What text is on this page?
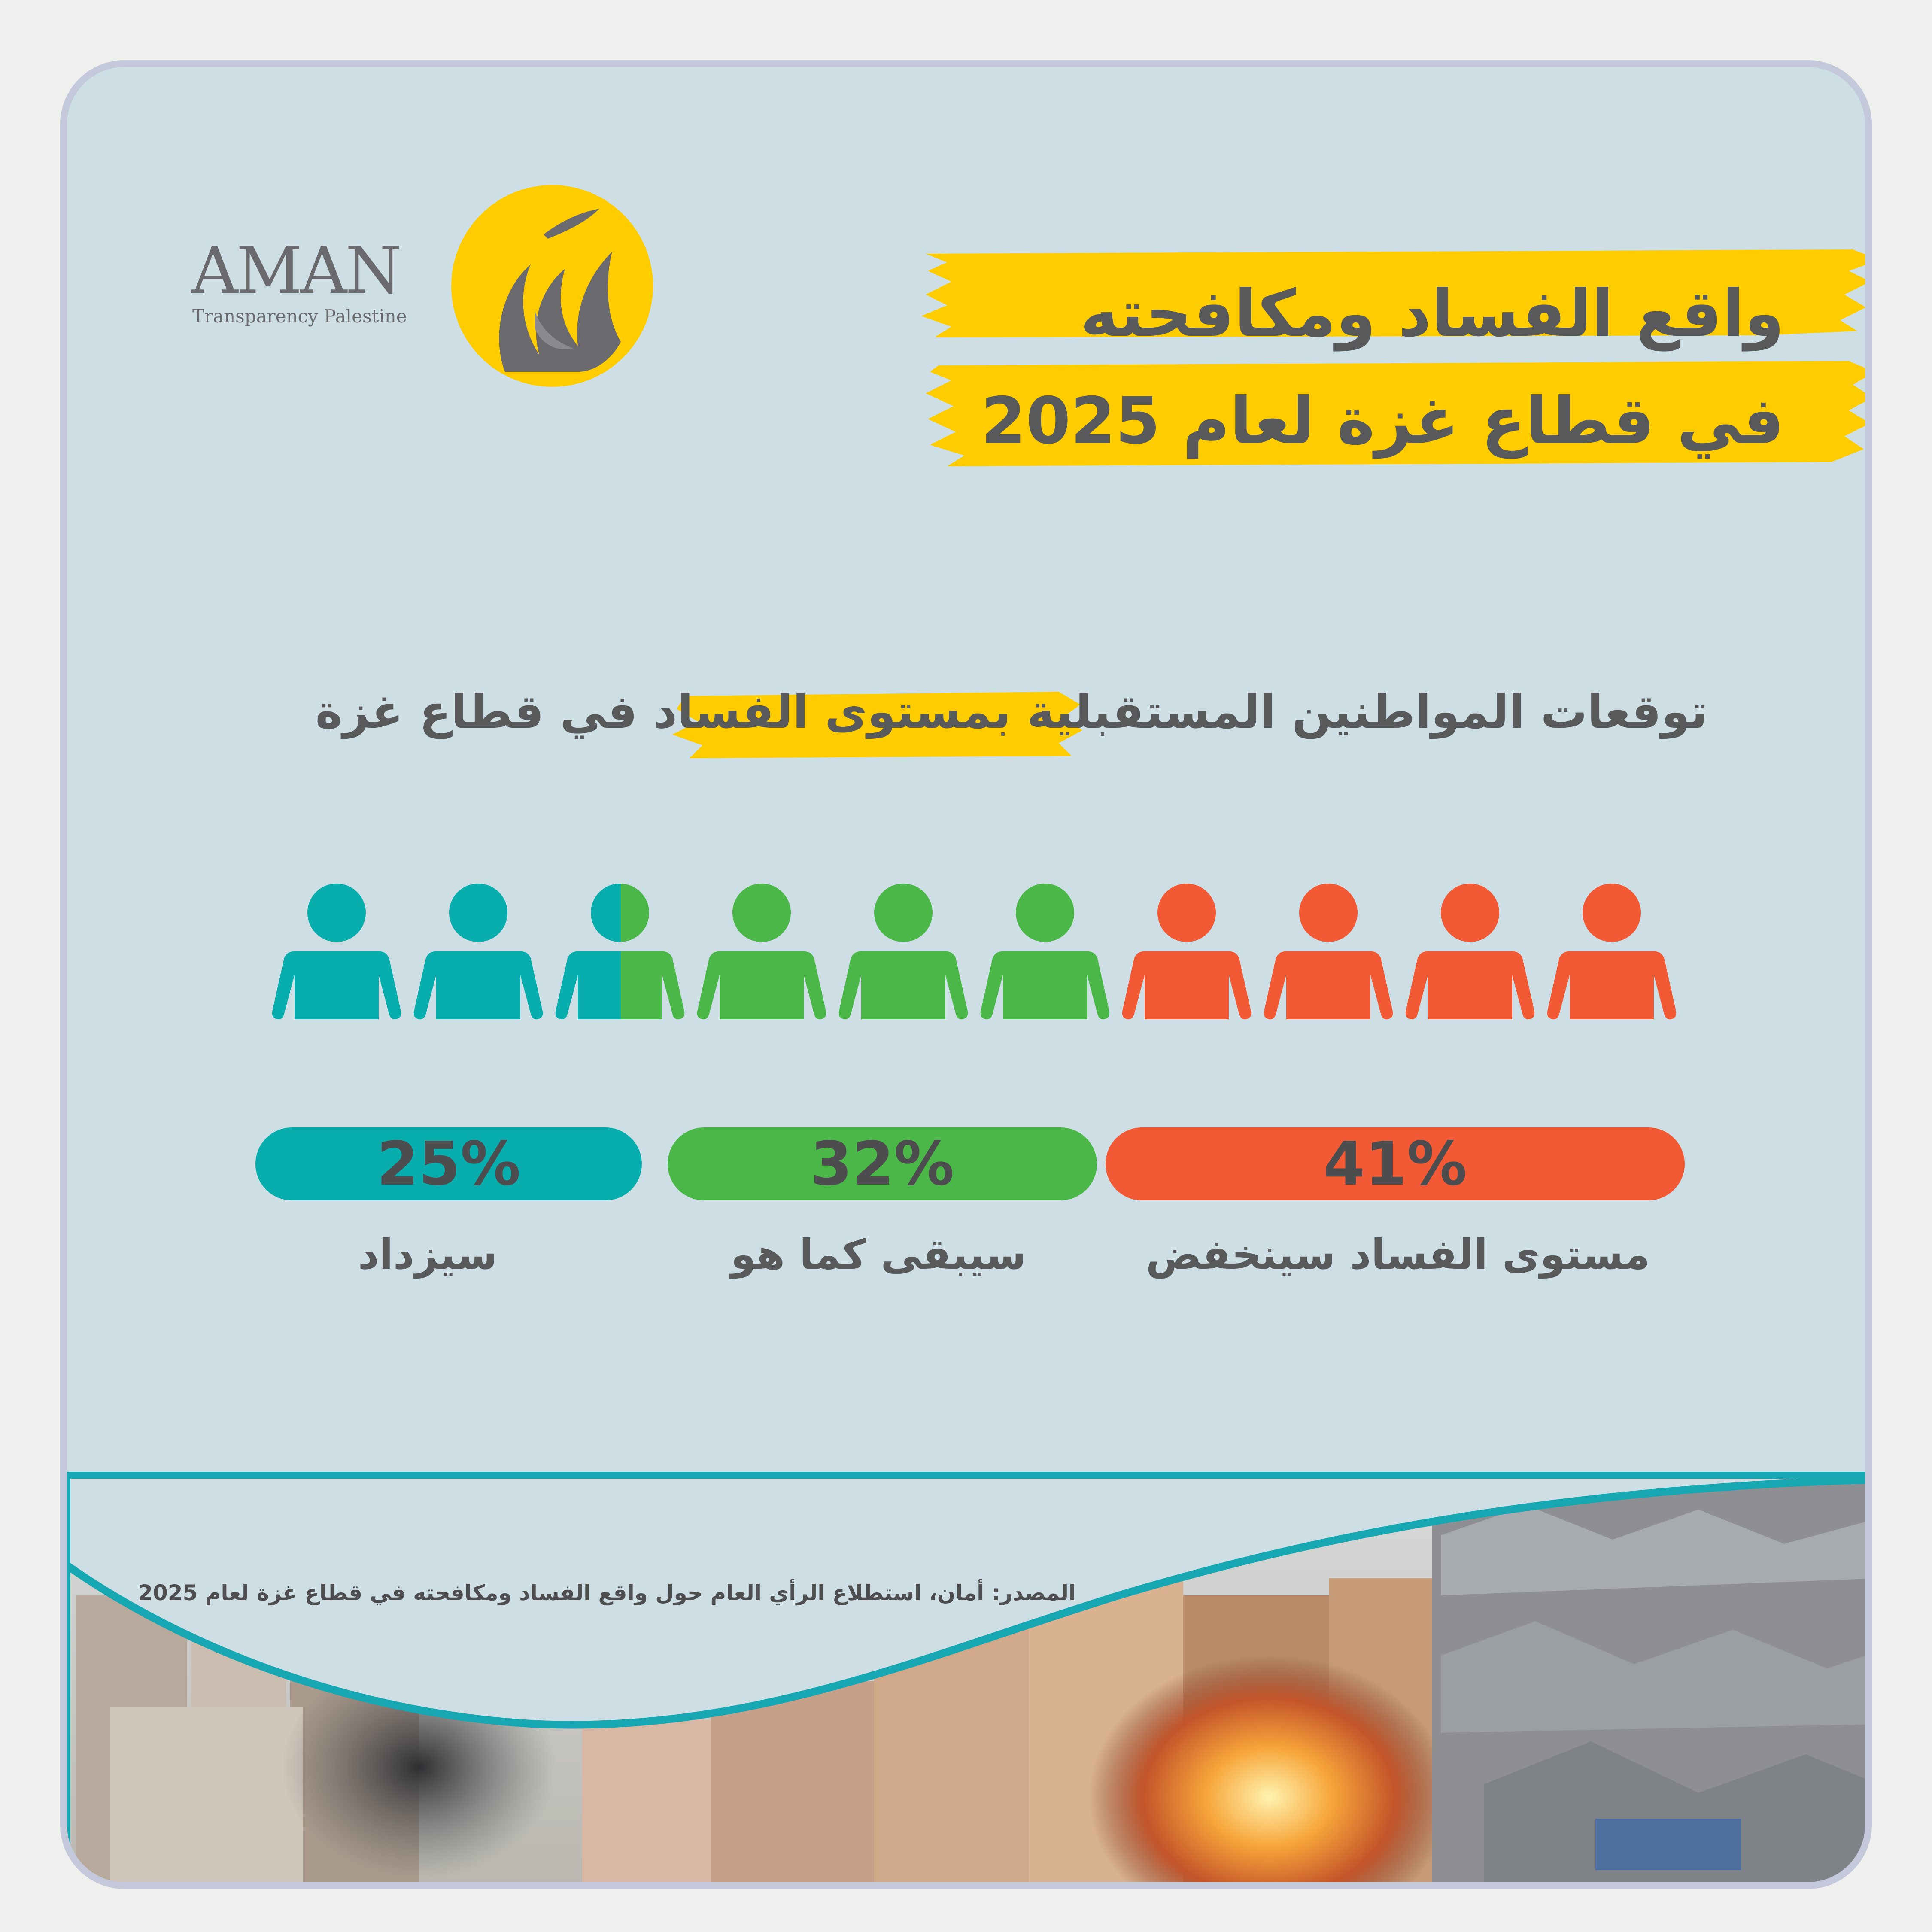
AMAN
Transparency Palestine	واقع الفساد ومكافحته
في قطاع غزة لعام 2025
توقعات المواطنين المستقبلية بمستوى الفساد في قطاع غزة
41%
32%
25%
مستوى الفساد سينخفض
سيبقى كما هو
سيزداد
المصدر: أمان، استطلاع الرأي العام حول واقع الفساد ومكافحته في قطاع غزة لعام 2025
